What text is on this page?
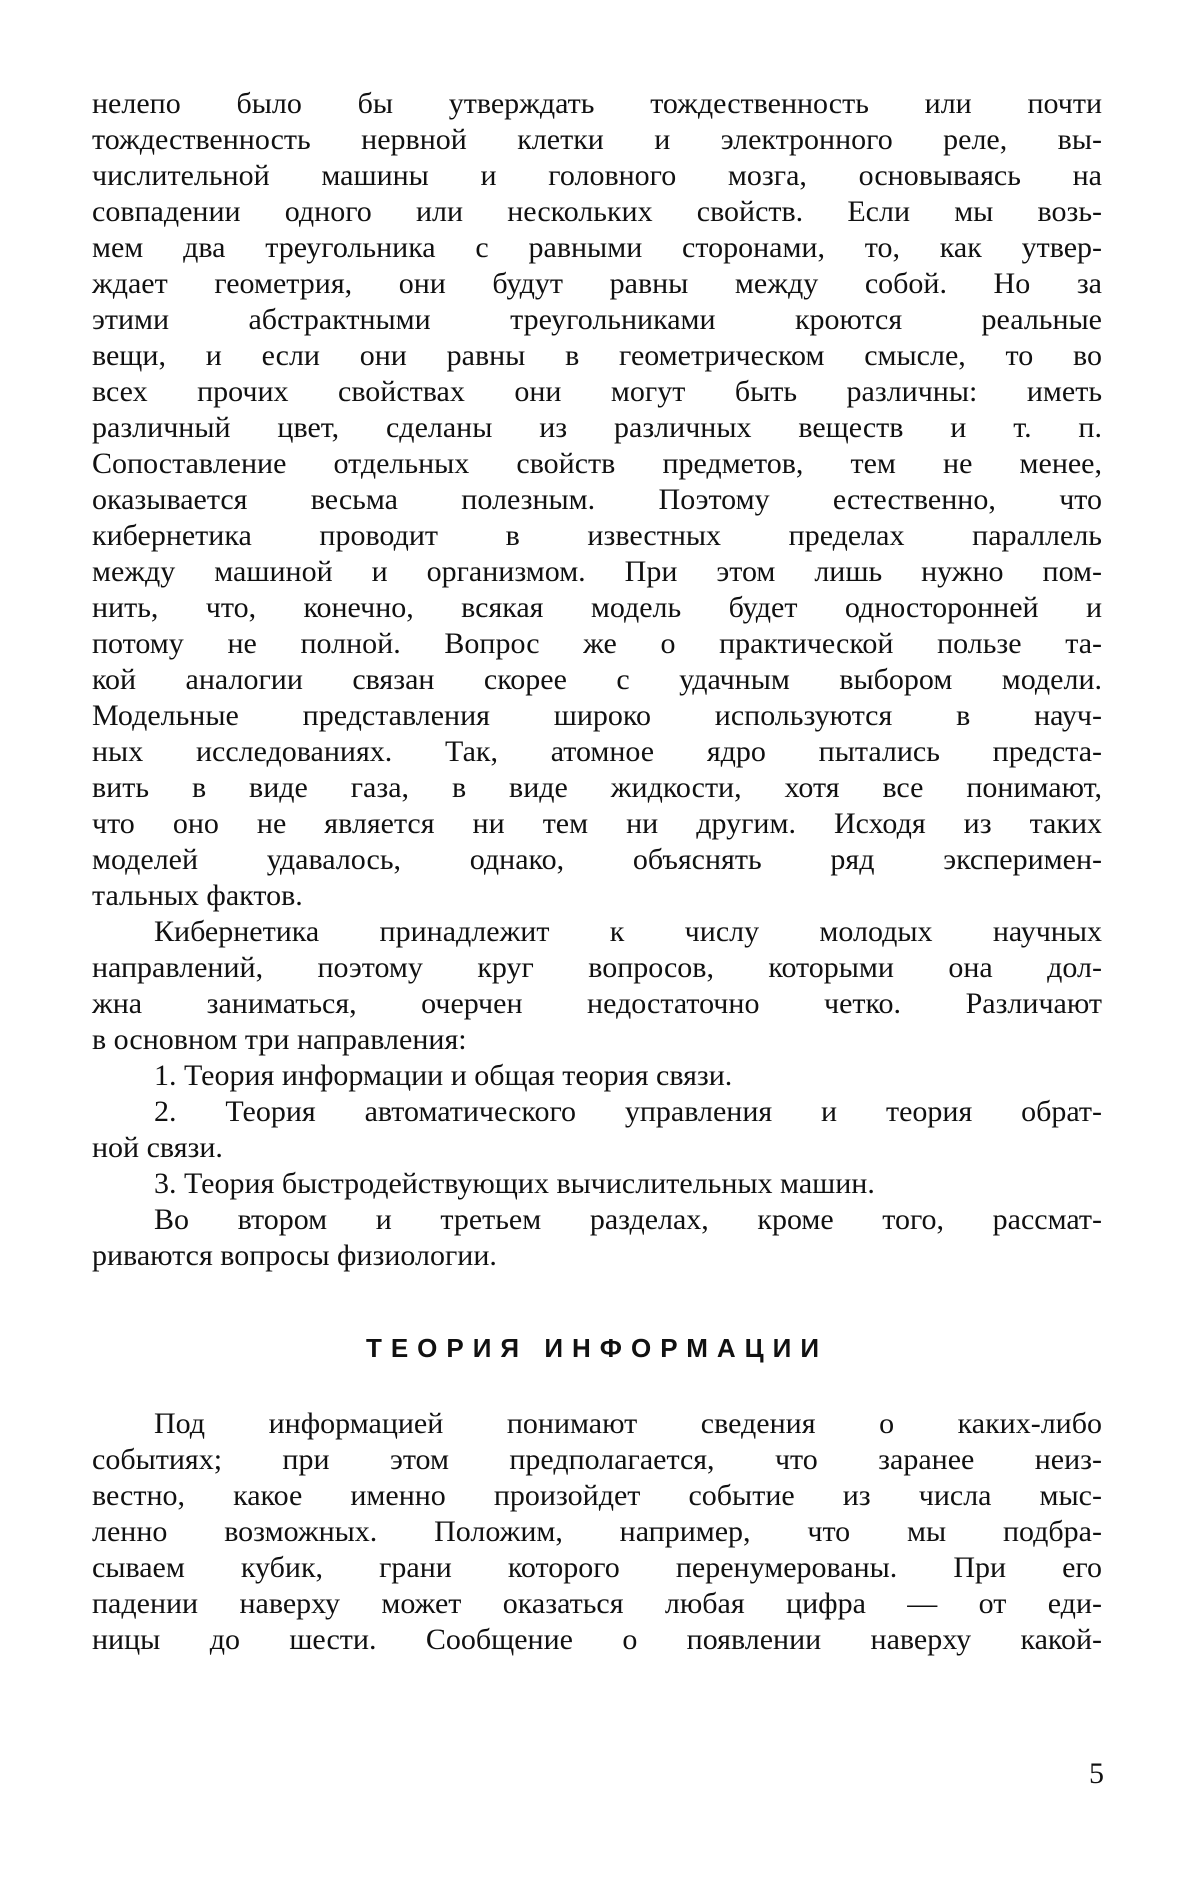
нелепо было бы утверждать тождественность или почти
тождественность нервной клетки и электронного реле, вы-
числительной машины и головного мозга, основываясь на
совпадении одного или нескольких свойств. Если мы возь-
мем два треугольника с равными сторонами, то, как утвер-
ждает геометрия, они будут равны между собой. Но за
этими абстрактными треугольниками кроются реальные
вещи, и если они равны в геометрическом смысле, то во
всех прочих свойствах они могут быть различны: иметь
различный цвет, сделаны из различных веществ и т. п.
Сопоставление отдельных свойств предметов, тем не менее,
оказывается весьма полезным. Поэтому естественно, что
кибернетика проводит в известных пределах параллель
между машиной и организмом. При этом лишь нужно пом-
нить, что, конечно, всякая модель будет односторонней и
потому не полной. Вопрос же о практической пользе та-
кой аналогии связан скорее с удачным выбором модели.
Модельные представления широко используются в науч-
ных исследованиях. Так, атомное ядро пытались предста-
вить в виде газа, в виде жидкости, хотя все понимают,
что оно не является ни тем ни другим. Исходя из таких
моделей удавалось, однако, объяснять ряд эксперимен-
тальных фактов.
Кибернетика принадлежит к числу молодых научных
направлений, поэтому круг вопросов, которыми она дол-
жна заниматься, очерчен недостаточно четко. Различают
в основном три направления:
1. Теория информации и общая теория связи.
2. Теория автоматического управления и теория обрат-
ной связи.
3. Теория быстродействующих вычислительных машин.
Во втором и третьем разделах, кроме того, рассмат-
риваются вопросы физиологии.
ТЕОРИЯ ИНФОРМАЦИИ
Под информацией понимают сведения о каких-либо
событиях; при этом предполагается, что заранее неиз-
вестно, какое именно произойдет событие из числа мыс-
ленно возможных. Положим, например, что мы подбра-
сываем кубик, грани которого перенумерованы. При его
падении наверху может оказаться любая цифра — от еди-
ницы до шести. Сообщение о появлении наверху какой-
5
